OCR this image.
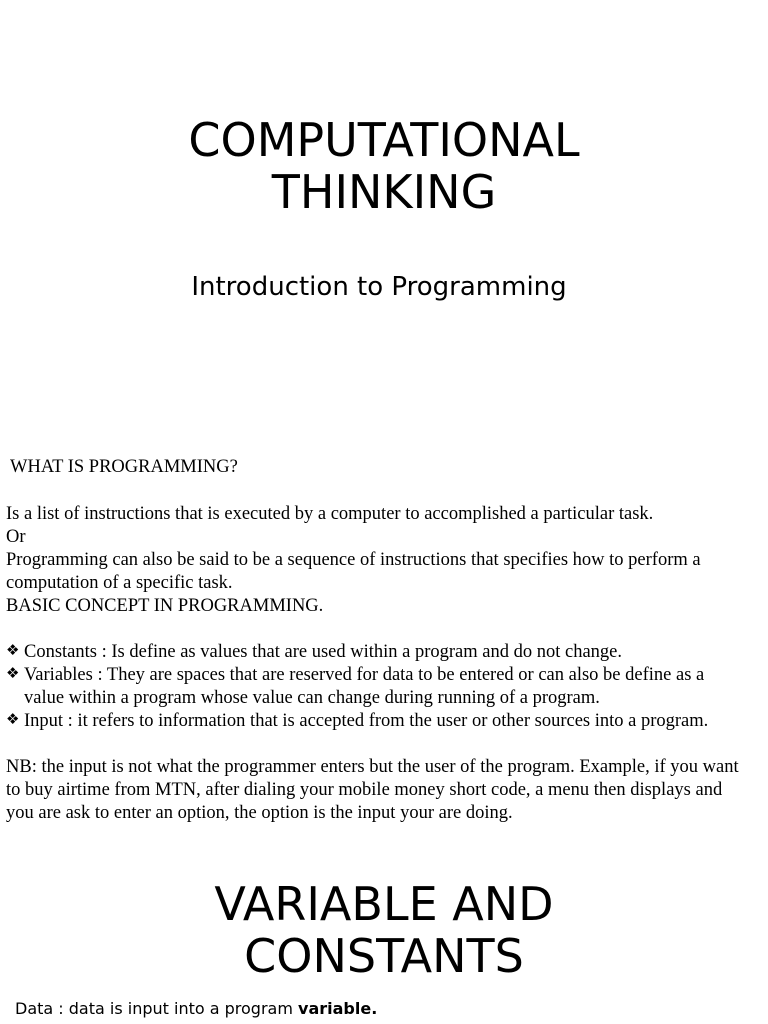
COMPUTATIONAL
THINKING
Introduction to Programming

WHAT IS PROGRAMMING?

Is a list of instructions that is executed by a computer to accomplished a particular task.

Or

Programming can also be said to be a sequence of instructions that specifies how to perform a computation of a specific task.

BASIC CONCEPT IN PROGRAMMING.

❖ Constants : Is define as values that are used within a program and do not change.
❖ Variables : They are spaces that are reserved for data to be entered or can also be define as a value within a program whose value can change during running of a program.
❖ Input : it refers to information that is accepted from the user or other sources into a program.

NB: the input is not what the programmer enters but the user of the program. Example, if you want to buy airtime from MTN, after dialing your mobile money short code, a menu then displays and you are ask to enter an option, the option is the input your are doing.

VARIABLE AND
CONSTANTS

Data : data is input into a program variable.
